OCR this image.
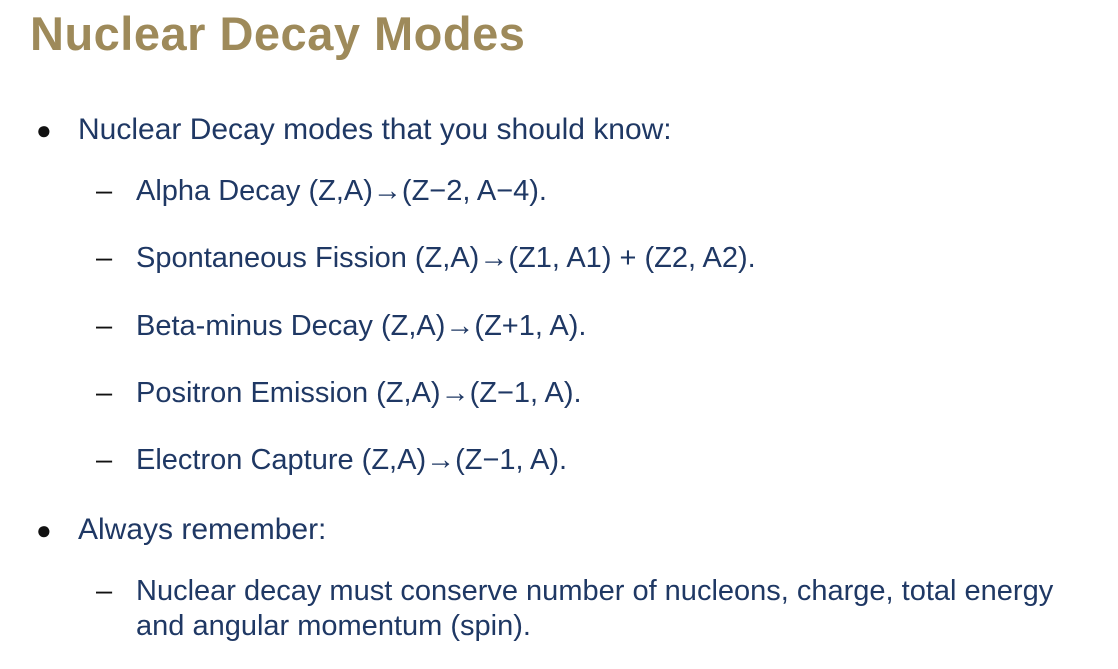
Nuclear Decay Modes
● Nuclear Decay modes that you should know:
– Alpha Decay (Z,A)→(Z−2, A−4).
– Spontaneous Fission (Z,A)→(Z1, A1) + (Z2, A2).
– Beta-minus Decay (Z,A)→(Z+1, A).
– Positron Emission (Z,A)→(Z−1, A).
– Electron Capture (Z,A)→(Z−1, A).
● Always remember:
– Nuclear decay must conserve number of nucleons, charge, total energy and angular momentum (spin).
